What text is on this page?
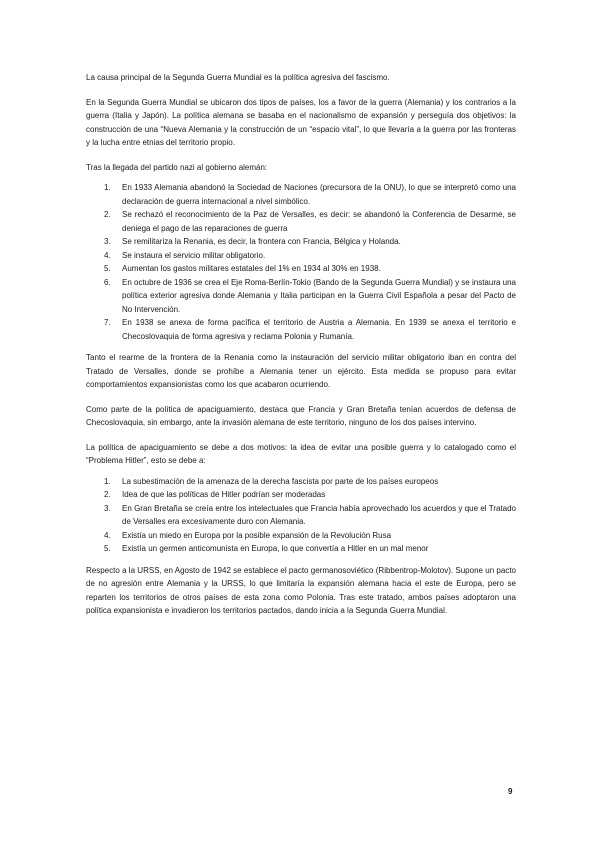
La causa principal de la Segunda Guerra Mundial es la política agresiva del fascismo.

En la Segunda Guerra Mundial se ubicaron dos tipos de países, los a favor de la guerra (Alemania) y los contrarios a la guerra (Italia y Japón). La política alemana se basaba en el nacionalismo de expansión y perseguía dos objetivos: la construcción de una “Nueva Alemania y la construcción de un “espacio vital”, lo que llevaría a la guerra por las fronteras y la lucha entre etnias del territorio propio.

Tras la llegada del partido nazi al gobierno alemán:

1. En 1933 Alemania abandonó la Sociedad de Naciones (precursora de la ONU), lo que se interpretó como una declaración de guerra internacional a nivel simbólico.
2. Se rechazó el reconocimiento de la Paz de Versalles, es decir: se abandonó la Conferencia de Desarme, se deniega el pago de las reparaciones de guerra
3. Se remilitariza la Renania, es decir, la frontera con Francia, Bélgica y Holanda.
4. Se instaura el servicio militar obligatorio.
5. Aumentan los gastos militares estatales del 1% en 1934 al 30% en 1938.
6. En octubre de 1936 se crea el Eje Roma-Berlín-Tokio (Bando de la Segunda Guerra Mundial) y se instaura una política exterior agresiva donde Alemania y Italia participan en la Guerra Civil Española a pesar del Pacto de No Intervención.
7. En 1938 se anexa de forma pacífica el territorio de Austria a Alemania. En 1939 se anexa el territorio e Checoslovaquia de forma agresiva y reclama Polonia y Rumanía.

Tanto el rearme de la frontera de la Renania como la instauración del servicio militar obligatorio iban en contra del Tratado de Versalles, donde se prohíbe a Alemania tener un ejército. Esta medida se propuso para evitar comportamientos expansionistas como los que acabaron ocurriendo.

Como parte de la política de apaciguamiento, destaca que Francia y Gran Bretaña tenían acuerdos de defensa de Checoslovaquia, sin embargo, ante la invasión alemana de este territorio, ninguno de los dos países intervino.

La política de apaciguamiento se debe a dos motivos: la idea de evitar una posible guerra y lo catalogado como el “Problema Hitler”, esto se debe a:

1. La subestimación de la amenaza de la derecha fascista por parte de los países europeos
2. Idea de que las políticas de Hitler podrían ser moderadas
3. En Gran Bretaña se creía entre los intelectuales que Francia había aprovechado los acuerdos y que el Tratado de Versalles era excesivamente duro con Alemania.
4. Existía un miedo en Europa por la posible expansión de la Revolución Rusa
5. Existía un germen anticomunista en Europa, lo que convertía a Hitler en un mal menor

Respecto a la URSS, en Agosto de 1942 se establece el pacto germanosoviético (Ribbentrop-Molotov). Supone un pacto de no agresión entre Alemania y la URSS, lo que limitaría la expansión alemana hacia el este de Europa, pero se reparten los territorios de otros países de esta zona como Polonia. Tras este tratado, ambos países adoptaron una política expansionista e invadieron los territorios pactados, dando inicia a la Segunda Guerra Mundial.

9
